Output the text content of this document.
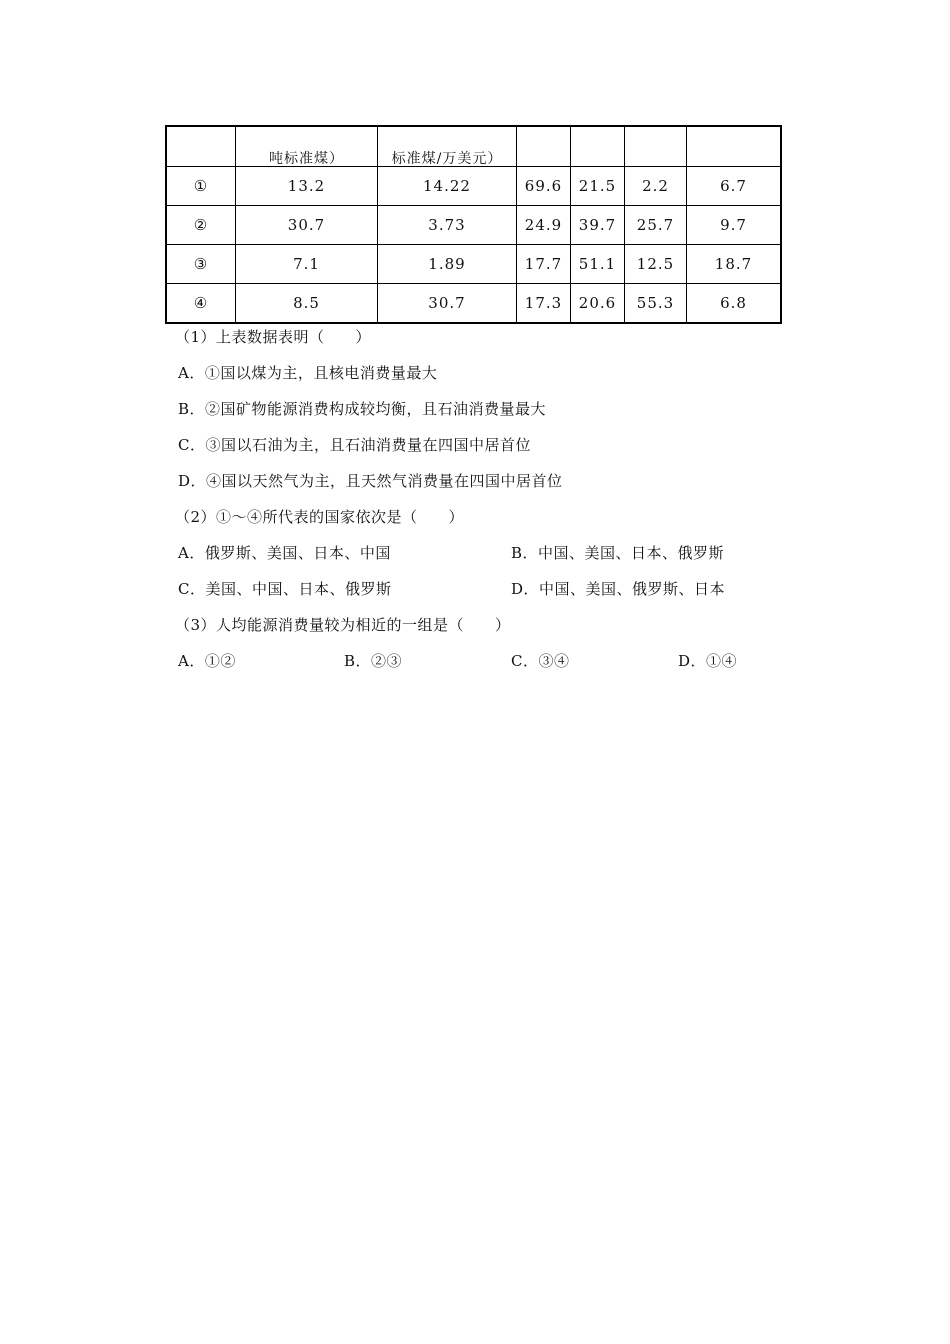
	吨标准煤）	标准煤/万美元）				

①	13.2	14.22	69.6	21.5	2.2	6.7
②	30.7	3.73	24.9	39.7	25.7	9.7
③	7.1	1.89	17.7	51.1	12.5	18.7
④	8.5	30.7	17.3	20.6	55.3	6.8
（1）上表数据表明（　　）
A．①国以煤为主，且核电消费量最大
B．②国矿物能源消费构成较均衡，且石油消费量最大
C．③国以石油为主，且石油消费量在四国中居首位
D．④国以天然气为主，且天然气消费量在四国中居首位
（2）①～④所代表的国家依次是（　　）
A．俄罗斯、美国、日本、中国	B．中国、美国、日本、俄罗斯
C．美国、中国、日本、俄罗斯	D．中国、美国、俄罗斯、日本
（3）人均能源消费量较为相近的一组是（　　）
A．①②	B．②③	C．③④	D．①④
